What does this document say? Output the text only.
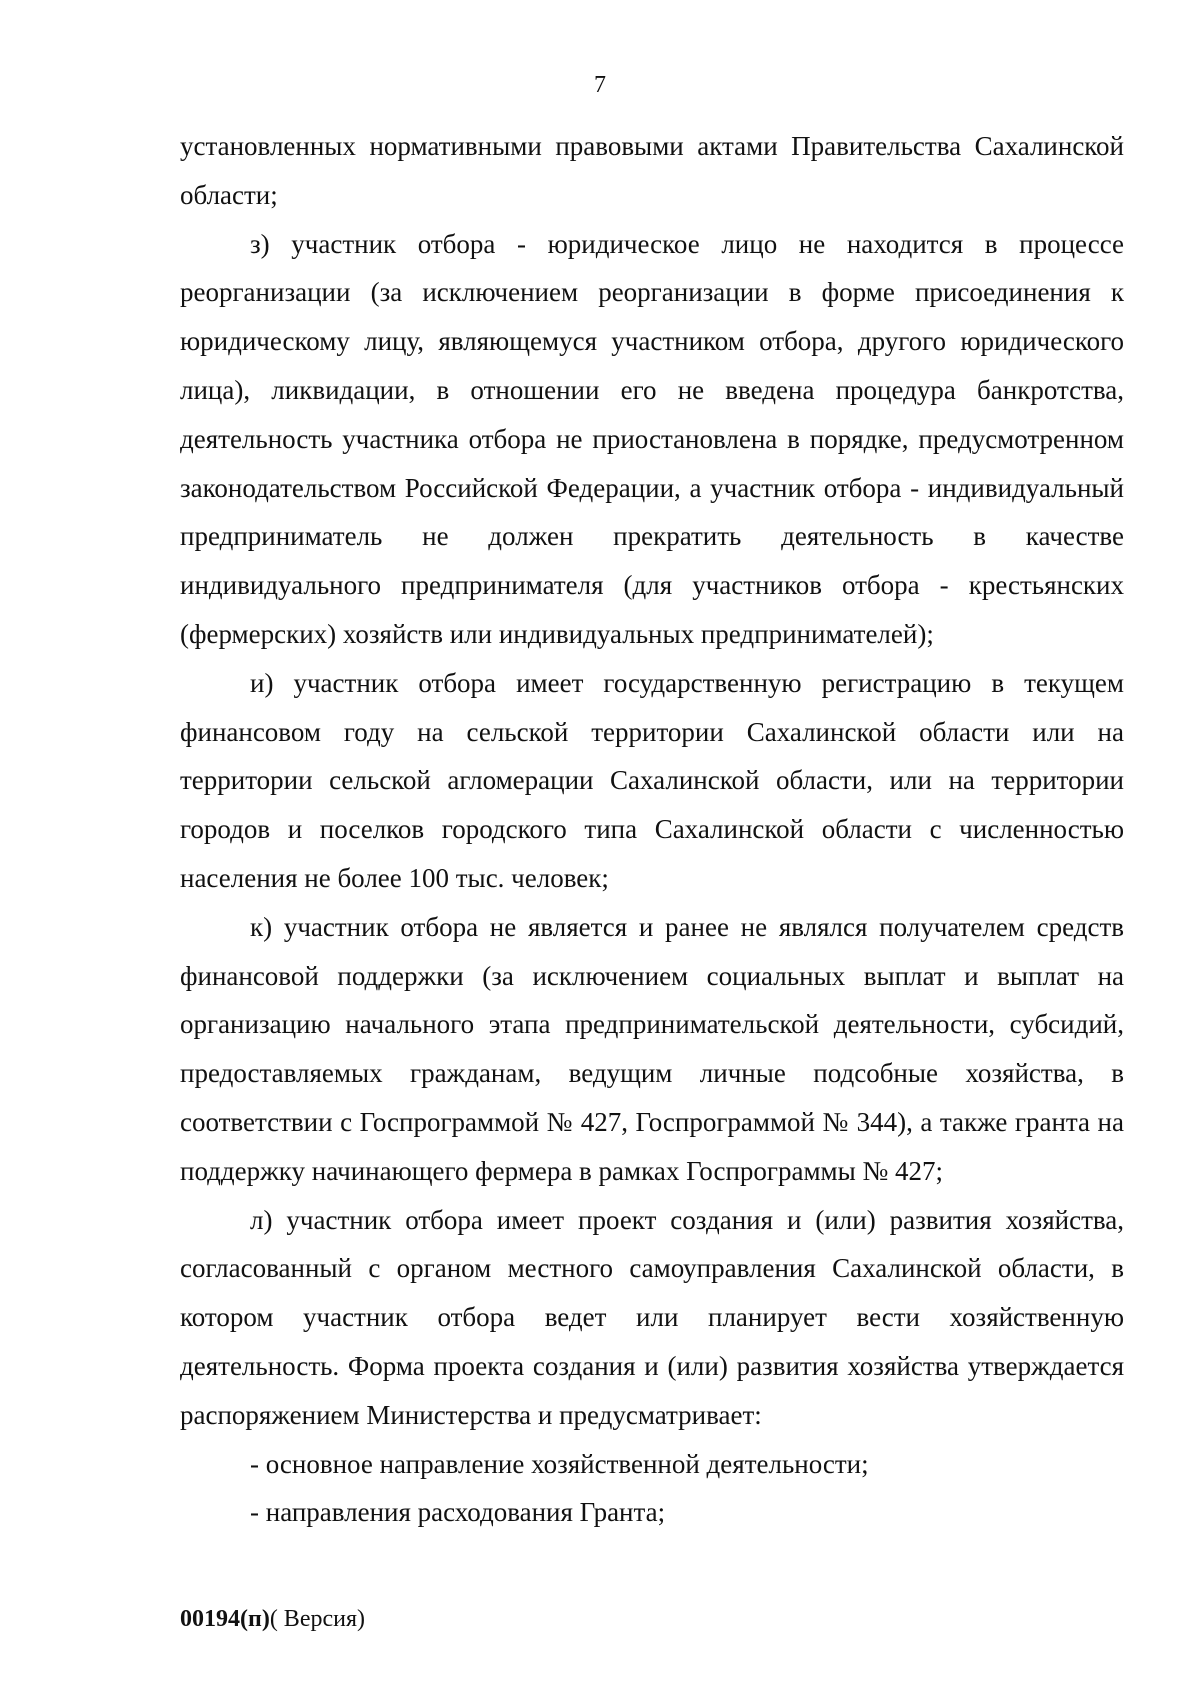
7

установленных нормативными правовыми актами Правительства Сахалинской области;

з) участник отбора - юридическое лицо не находится в процессе реорганизации (за исключением реорганизации в форме присоединения к юридическому лицу, являющемуся участником отбора, другого юридического лица), ликвидации, в отношении его не введена процедура банкротства, деятельность участника отбора не приостановлена в порядке, предусмотренном законодательством Российской Федерации, а участник отбора - индивидуальный предприниматель не должен прекратить деятельность в качестве индивидуального предпринимателя (для участников отбора - крестьянских (фермерских) хозяйств или индивидуальных предпринимателей);

и) участник отбора имеет государственную регистрацию в текущем финансовом году на сельской территории Сахалинской области или на территории сельской агломерации Сахалинской области, или на территории городов и поселков городского типа Сахалинской области с численностью населения не более 100 тыс. человек;

к) участник отбора не является и ранее не являлся получателем средств финансовой поддержки (за исключением социальных выплат и выплат на организацию начального этапа предпринимательской деятельности, субсидий, предоставляемых гражданам, ведущим личные подсобные хозяйства, в соответствии с Госпрограммой № 427, Госпрограммой № 344), а также гранта на поддержку начинающего фермера в рамках Госпрограммы № 427;

л) участник отбора имеет проект создания и (или) развития хозяйства, согласованный с органом местного самоуправления Сахалинской области, в котором участник отбора ведет или планирует вести хозяйственную деятельность. Форма проекта создания и (или) развития хозяйства утверждается распоряжением Министерства и предусматривает:

- основное направление хозяйственной деятельности;

- направления расходования Гранта;

00194(п)( Версия)
